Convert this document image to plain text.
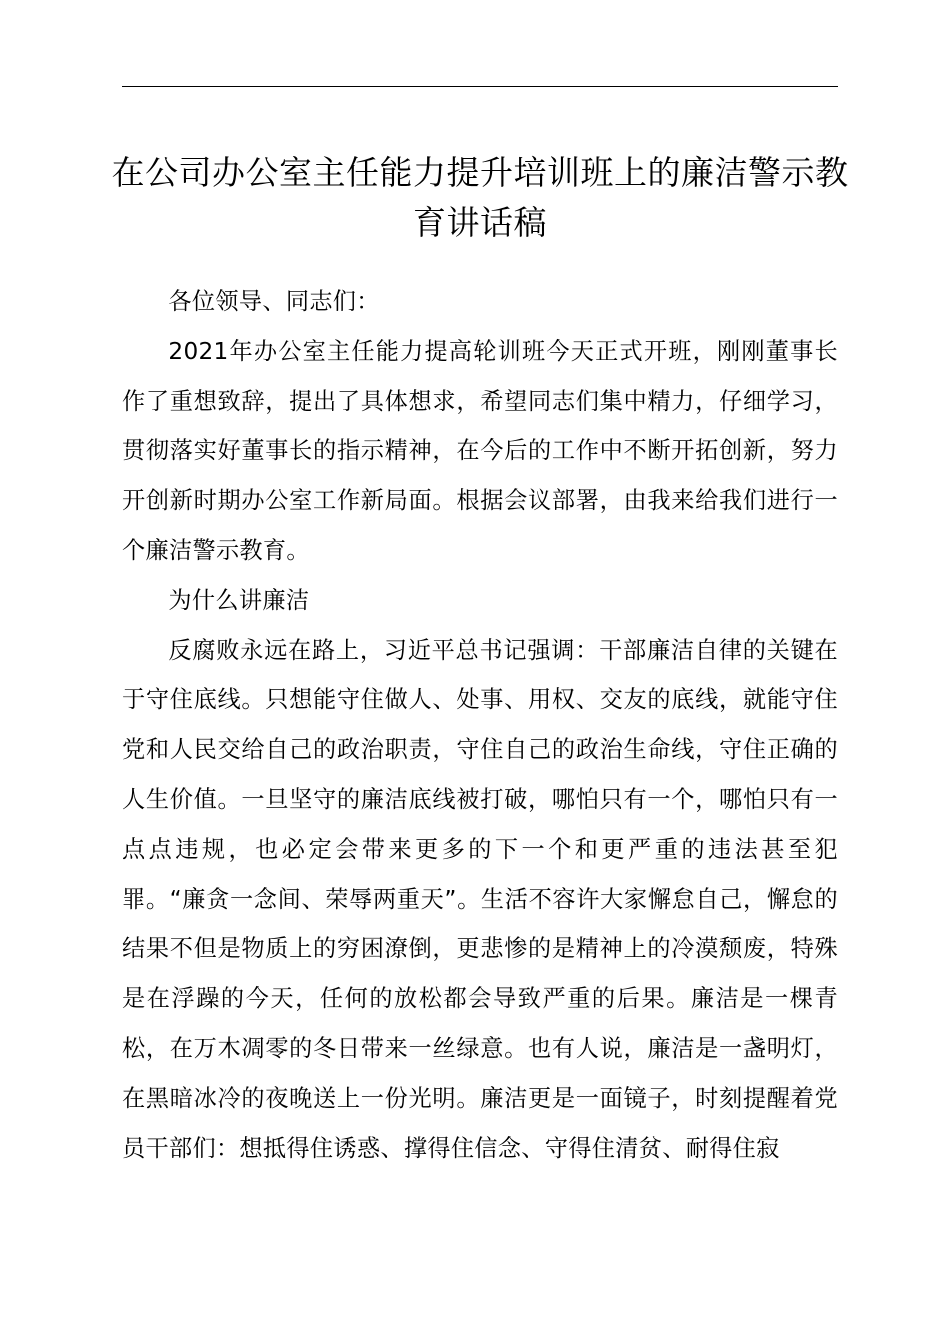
在公司办公室主任能力提升培训班上的廉洁警示教育讲话稿

各位领导、同志们：

2021年办公室主任能力提高轮训班今天正式开班，刚刚董事长作了重想致辞，提出了具体想求，希望同志们集中精力，仔细学习，贯彻落实好董事长的指示精神，在今后的工作中不断开拓创新，努力开创新时期办公室工作新局面。根据会议部署，由我来给我们进行一个廉洁警示教育。

为什么讲廉洁

反腐败永远在路上，习近平总书记强调：干部廉洁自律的关键在于守住底线。只想能守住做人、处事、用权、交友的底线，就能守住党和人民交给自己的政治职责，守住自己的政治生命线，守住正确的人生价值。一旦坚守的廉洁底线被打破，哪怕只有一个，哪怕只有一点点违规，也必定会带来更多的下一个和更严重的违法甚至犯罪。“廉贪一念间、荣辱两重天”。生活不容许大家懈怠自己，懈怠的结果不但是物质上的穷困潦倒，更悲惨的是精神上的冷漠颓废，特殊是在浮躁的今天，任何的放松都会导致严重的后果。廉洁是一棵青松，在万木凋零的冬日带来一丝绿意。也有人说，廉洁是一盏明灯，在黑暗冰冷的夜晚送上一份光明。廉洁更是一面镜子，时刻提醒着党员干部们：想抵得住诱惑、撑得住信念、守得住清贫、耐得住寂
